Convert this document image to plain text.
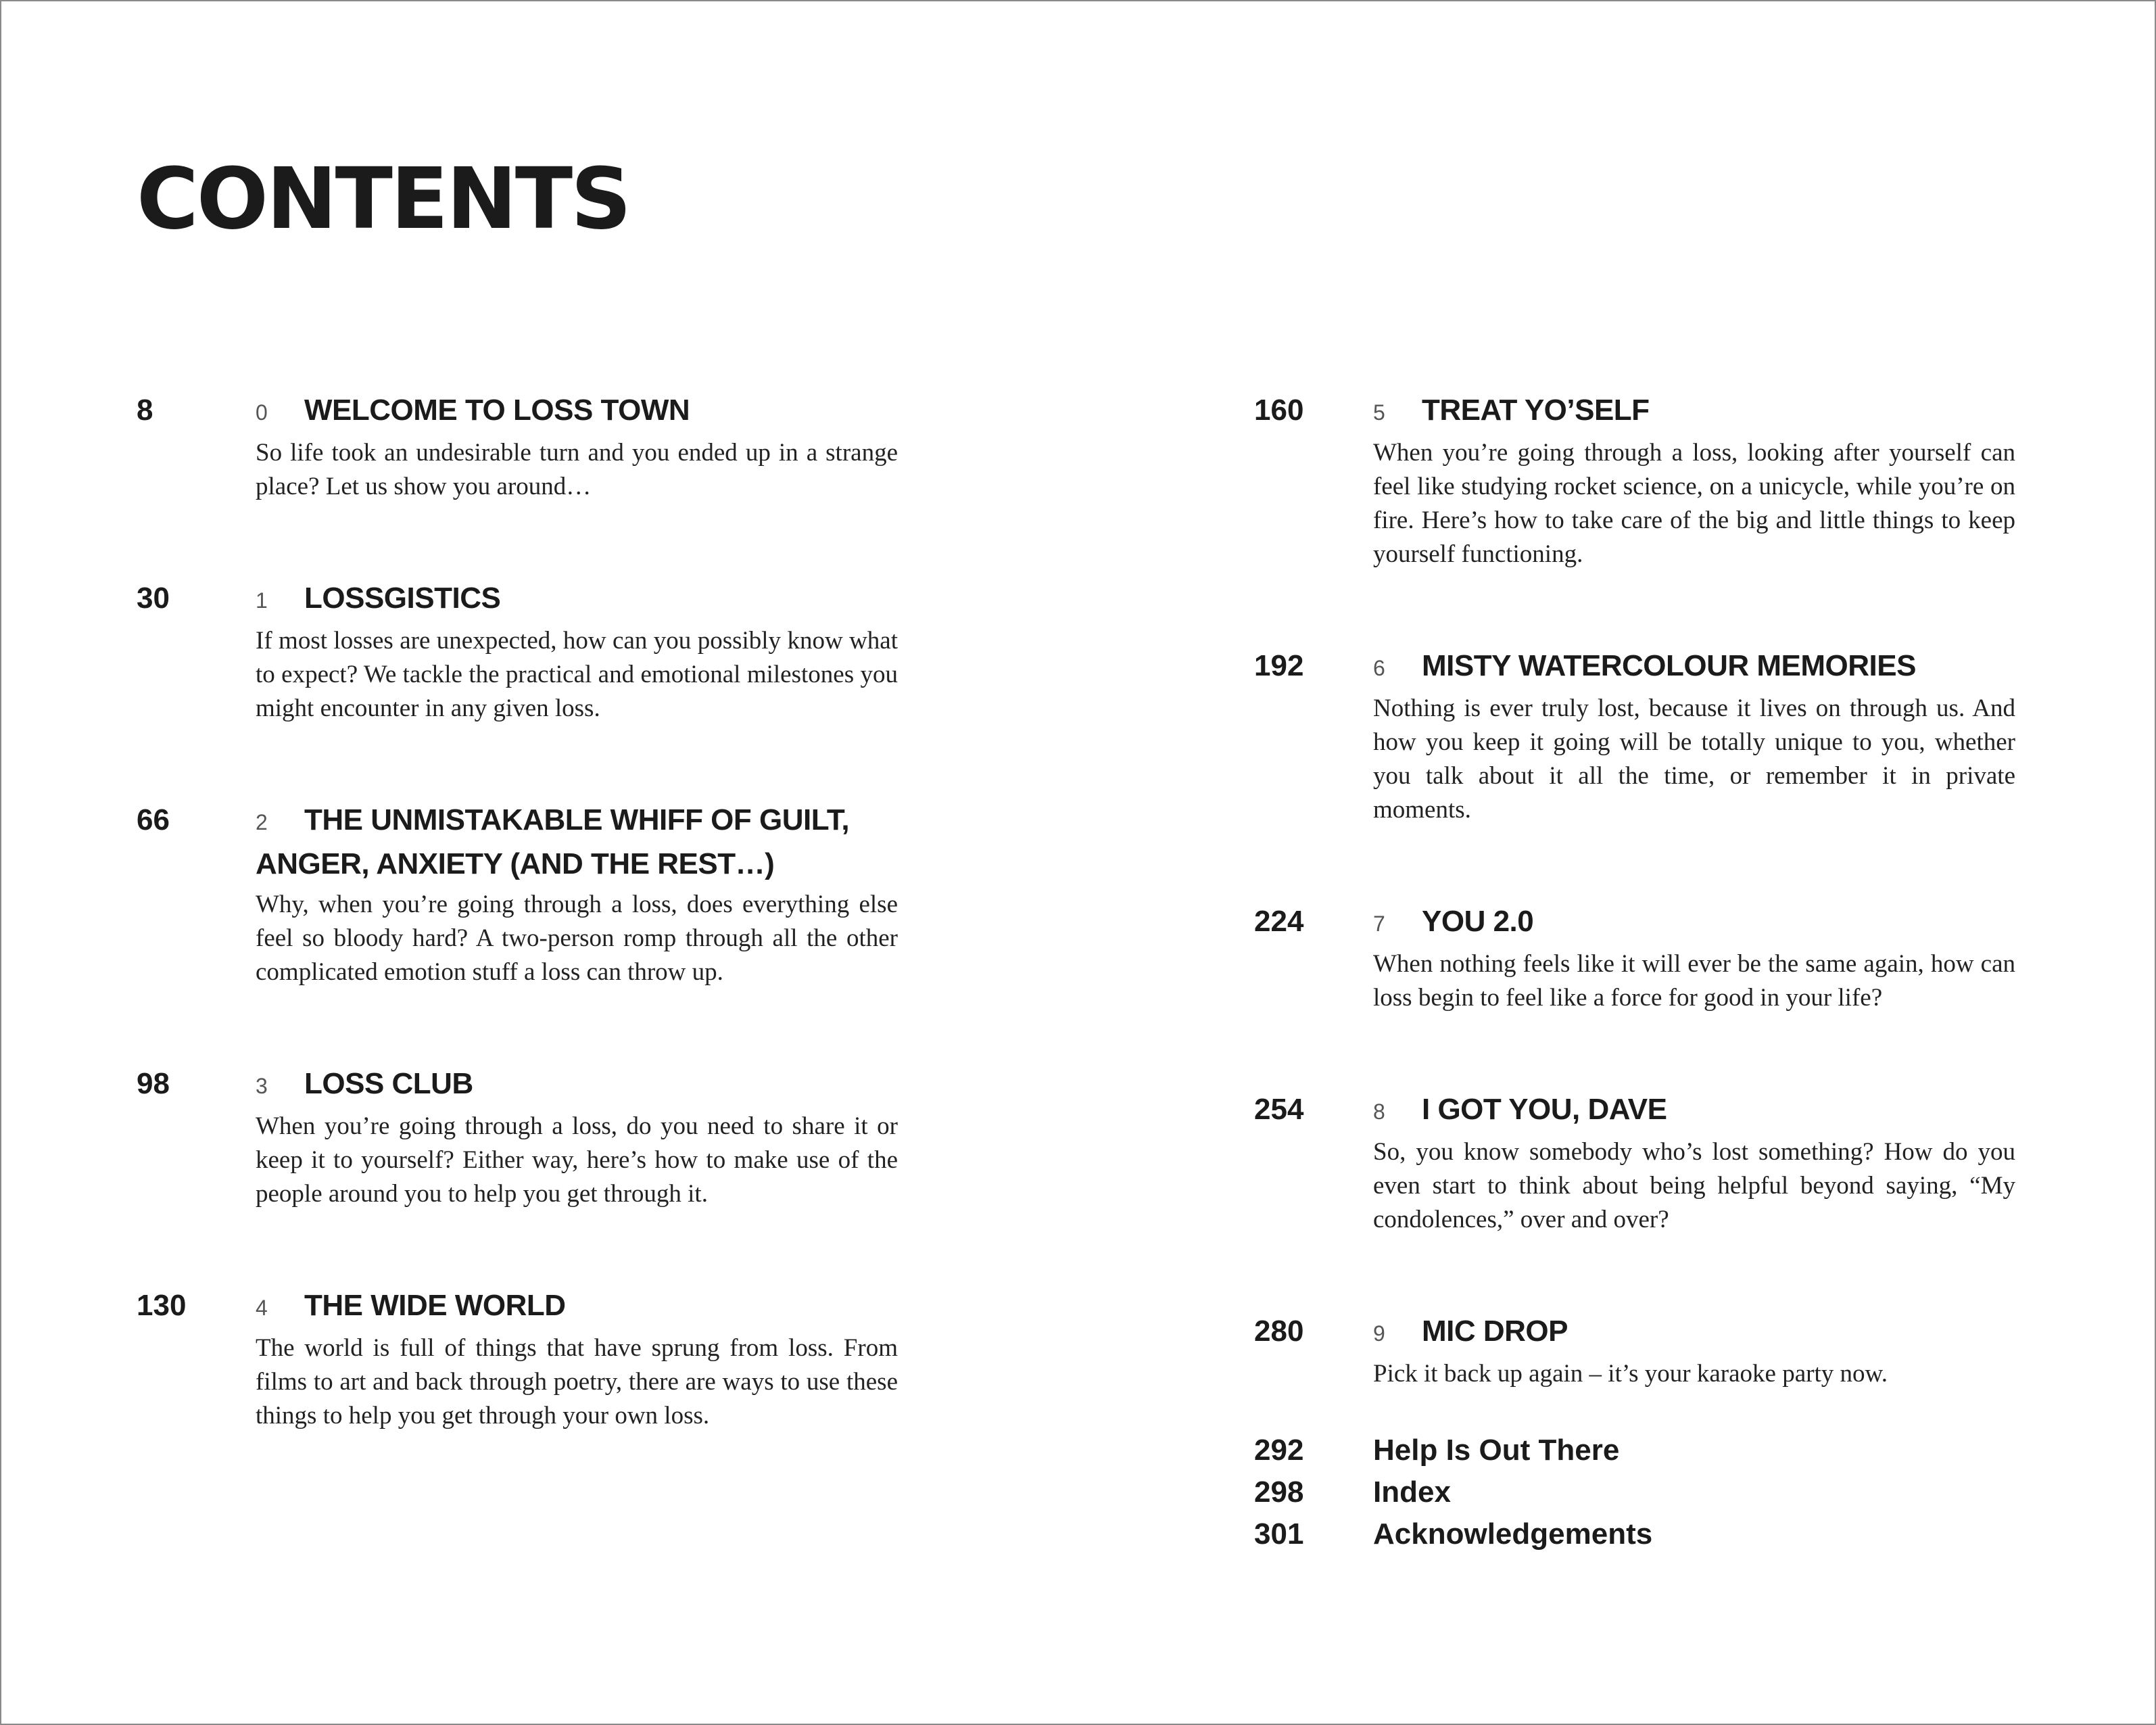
CONTENTS
8	0 WELCOME TO LOSS TOWN

So life took an undesirable turn and you ended up in a strange place? Let us show you around…

30	1 LOSSGISTICS

If most losses are unexpected, how can you possibly know what to expect? We tackle the practical and emotional milestones you might encounter in any given loss.

66	2 THE UNMISTAKABLE WHIFF OF GUILT, ANGER, ANXIETY (AND THE REST…)

Why, when you’re going through a loss, does everything else feel so bloody hard? A two-person romp through all the other complicated emotion stuff a loss can throw up.

98	3 LOSS CLUB

When you’re going through a loss, do you need to share it or keep it to yourself? Either way, here’s how to make use of the people around you to help you get through it.

130	4 THE WIDE WORLD

The world is full of things that have sprung from loss. From films to art and back through poetry, there are ways to use these things to help you get through your own loss.

160	5 TREAT YO’SELF

When you’re going through a loss, looking after yourself can feel like studying rocket science, on a unicycle, while you’re on fire. Here’s how to take care of the big and little things to keep yourself functioning.

192	6 MISTY WATERCOLOUR MEMORIES

Nothing is ever truly lost, because it lives on through us. And how you keep it going will be totally unique to you, whether you talk about it all the time, or remember it in private moments.

224	7 YOU 2.0

When nothing feels like it will ever be the same again, how can loss begin to feel like a force for good in your life?

254	8 I GOT YOU, DAVE

So, you know somebody who’s lost something? How do you even start to think about being helpful beyond saying, “My condolences,” over and over?

280	9 MIC DROP

Pick it back up again – it’s your karaoke party now.

292 Help Is Out There
298 Index
301 Acknowledgements
